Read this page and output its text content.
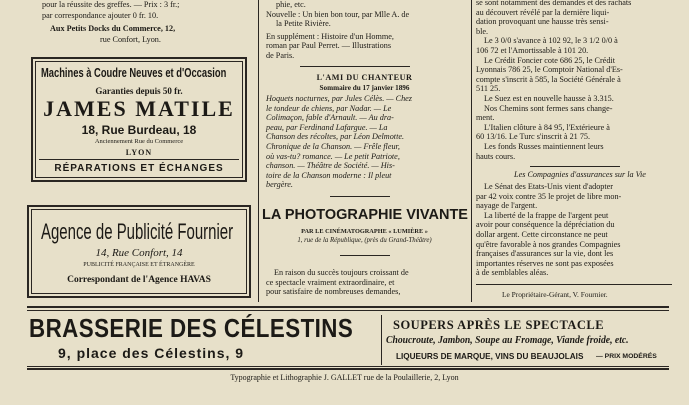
pour la réussite des greffes. — Prix : 3 fr.;
par correspondance ajouter 0 fr. 10.
Aux Petits Docks du Commerce, 12,
rue Confort, Lyon.
Machines à Coudre Neuves et d'Occasion
Garanties depuis 50 fr.
JAMES MATILE
18, Rue Burdeau, 18
Anciennement Rue du Commerce
LYON
RÉPARATIONS ET ÉCHANGES
Agence de Publicité Fournier
14, Rue Confort, 14
PUBLICITÉ FRANÇAISE ET ÉTRANGÈRE
Correspondant de l'Agence HAVAS
phie, etc.
Nouvelle : Un bien bon tour, par Mlle A. de
la Petite Rivière.
En supplément : Histoire d'un Homme,
roman par Paul Perret. — Illustrations
de Paris.
L'AMI DU CHANTEUR
Sommaire du 17 janvier 1896
Hoquets nocturnes, par Jules Célès. — Chez
le tondeur de chiens, par Nadar. — Le
Colimaçon, fable d'Arnault. — Au dra-
peau, par Ferdinand Lafargue. — La
Chanson des récoltes, par Léon Delmotte.
Chronique de la Chanson. — Frêle fleur,
où vas-tu? romance. — Le petit Patriote,
chanson. — Théâtre de Société. — His-
toire de la Chanson moderne : Il pleut
bergère.
LA PHOTOGRAPHIE VIVANTE
PAR LE CINÉMATOGRAPHE « LUMIÈRE »
1, rue de la République, (près du Grand-Théâtre)
En raison du succès toujours croissant de
ce spectacle vraiment extraordinaire, et
pour satisfaire de nombreuses demandes,
se sont notamment des demandes et des rachats
au découvert révélé par la dernière liqui-
dation provoquant une hausse très sensi-
ble.
Le 3 0/0 s'avance à 102 92, le 3 1/2 0/0 à
106 72 et l'Amortissable à 101 20.
Le Crédit Foncier cote 686 25, le Crédit
Lyonnais 786 25, le Comptoir National d'Es-
compte s'inscrit à 585, la Société Générale à
511 25.
Le Suez est en nouvelle hausse à 3.315.
Nos Chemins sont fermes sans change-
ment.
L'Italien clôture à 84 95, l'Extérieure à
60 13/16. Le Turc s'inscrit à 21 75.
Les fonds Russes maintiennent leurs
hauts cours.
Les Compagnies d'assurances sur la Vie
Le Sénat des Etats-Unis vient d'adopter
par 42 voix contre 35 le projet de libre mon-
nayage de l'argent.
La liberté de la frappe de l'argent peut
avoir pour conséquence la dépréciation du
dollar argent. Cette circonstance ne peut
qu'être favorable à nos grandes Compagnies
françaises d'assurances sur la vie, dont les
importantes réserves ne sont pas exposées
à de semblables aléas.
Le Propriétaire-Gérant, V. Fournier.
BRASSERIE DES CÉLESTINS
9, place des Célestins, 9
SOUPERS APRÈS LE SPECTACLE
Choucroute, Jambon, Soupe au Fromage, Viande froide, etc.
LIQUEURS DE MARQUE, VINS DU BEAUJOLAIS — PRIX MODÉRÉS
Typographie et Lithographie J. GALLET rue de la Poulaillerie, 2, Lyon
